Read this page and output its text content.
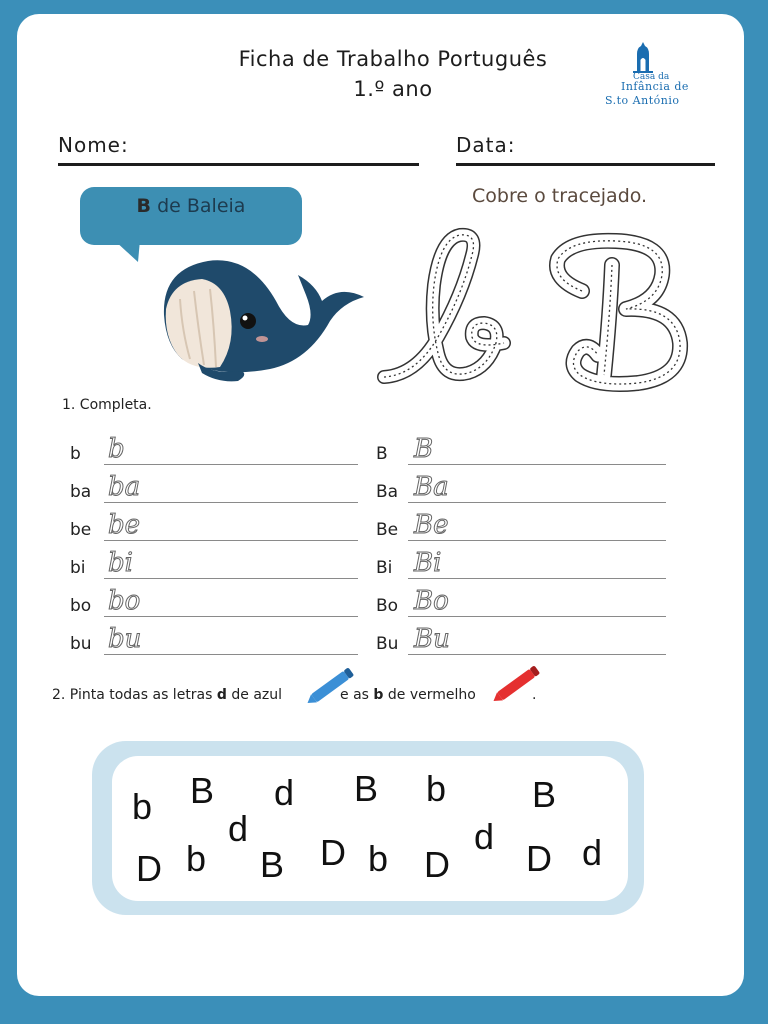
Ficha de Trabalho Português
1.º ano	Casa da
Infância de
S.to António
Nome:	Data:
B de Baleia	Cobre o tracejado.
1. Completa.
b b
ba ba
be be
bi bi
bo bo
bu bu
B B
Ba Ba
Be Be
Bi Bi
Bo Bo
Bu Bu
2. Pinta todas as letras d de azul	e as b de vermelho	.
b B d B b B
d
D b B D b D
d
D d
